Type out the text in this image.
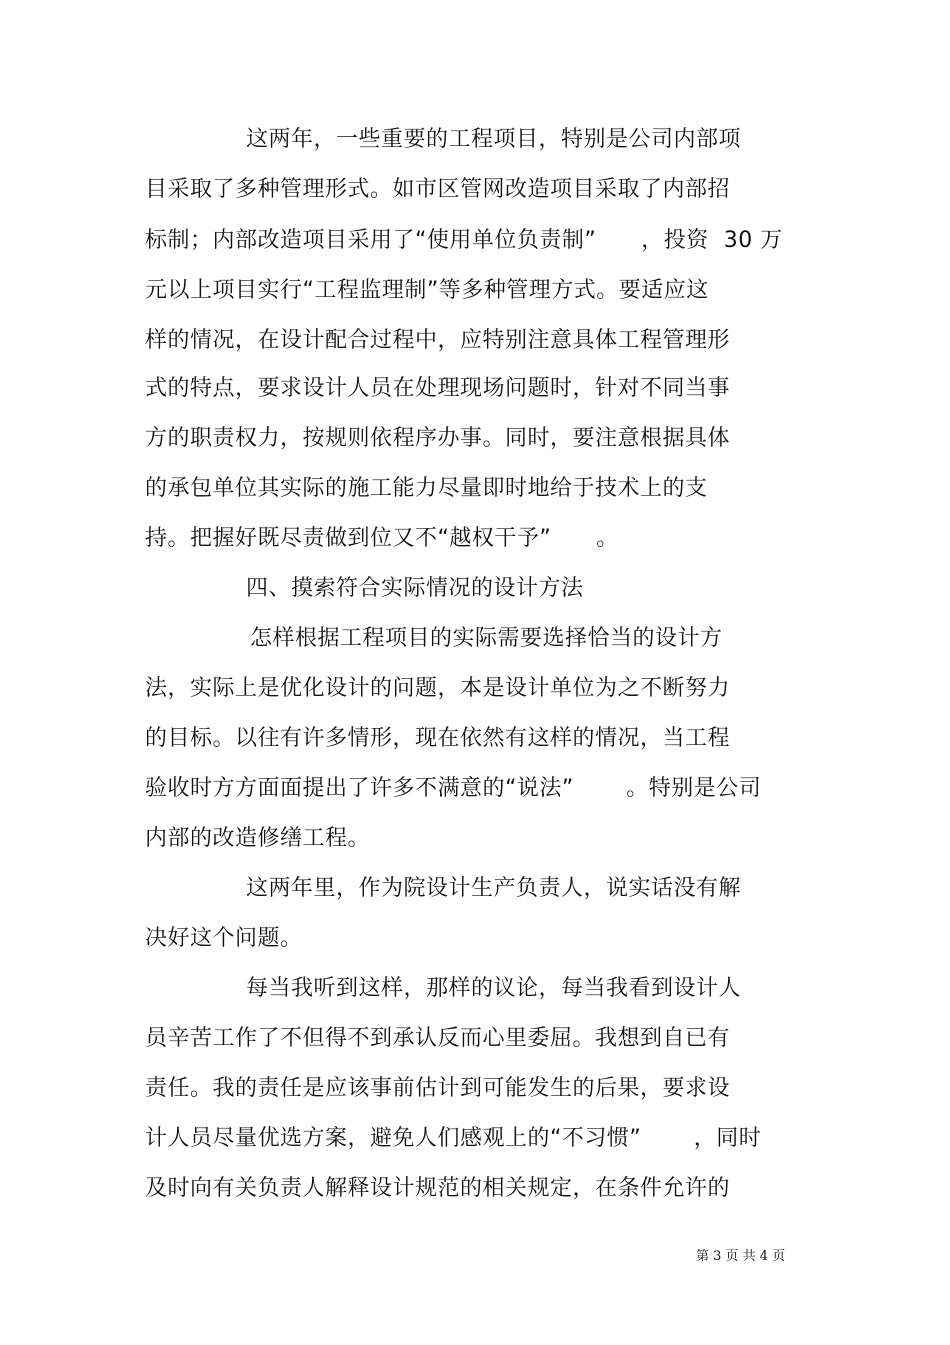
这两年，一些重要的工程项目，特别是公司内部项
目采取了多种管理形式。如市区管网改造项目采取了内部招
标制；内部改造项目采用了“使用单位负责制”　　，投资  30 万
元以上项目实行“工程监理制”等多种管理方式。要适应这
样的情况，在设计配合过程中，应特别注意具体工程管理形
式的特点，要求设计人员在处理现场问题时，针对不同当事
方的职责权力，按规则依程序办事。同时，要注意根据具体
的承包单位其实际的施工能力尽量即时地给于技术上的支
持。把握好既尽责做到位又不“越权干予”　　。
四、摸索符合实际情况的设计方法
怎样根据工程项目的实际需要选择恰当的设计方
法，实际上是优化设计的问题，本是设计单位为之不断努力
的目标。以往有许多情形，现在依然有这样的情况，当工程
验收时方方面面提出了许多不满意的“说法”　　 。特别是公司
内部的改造修缮工程。
这两年里，作为院设计生产负责人，说实话没有解
决好这个问题。
每当我听到这样，那样的议论，每当我看到设计人
员辛苦工作了不但得不到承认反而心里委屈。我想到自已有
责任。我的责任是应该事前估计到可能发生的后果，要求设
计人员尽量优选方案，避免人们感观上的“不习惯”　　 ，同时
及时向有关负责人解释设计规范的相关规定，在条件允许的
第 3 页 共 4 页
